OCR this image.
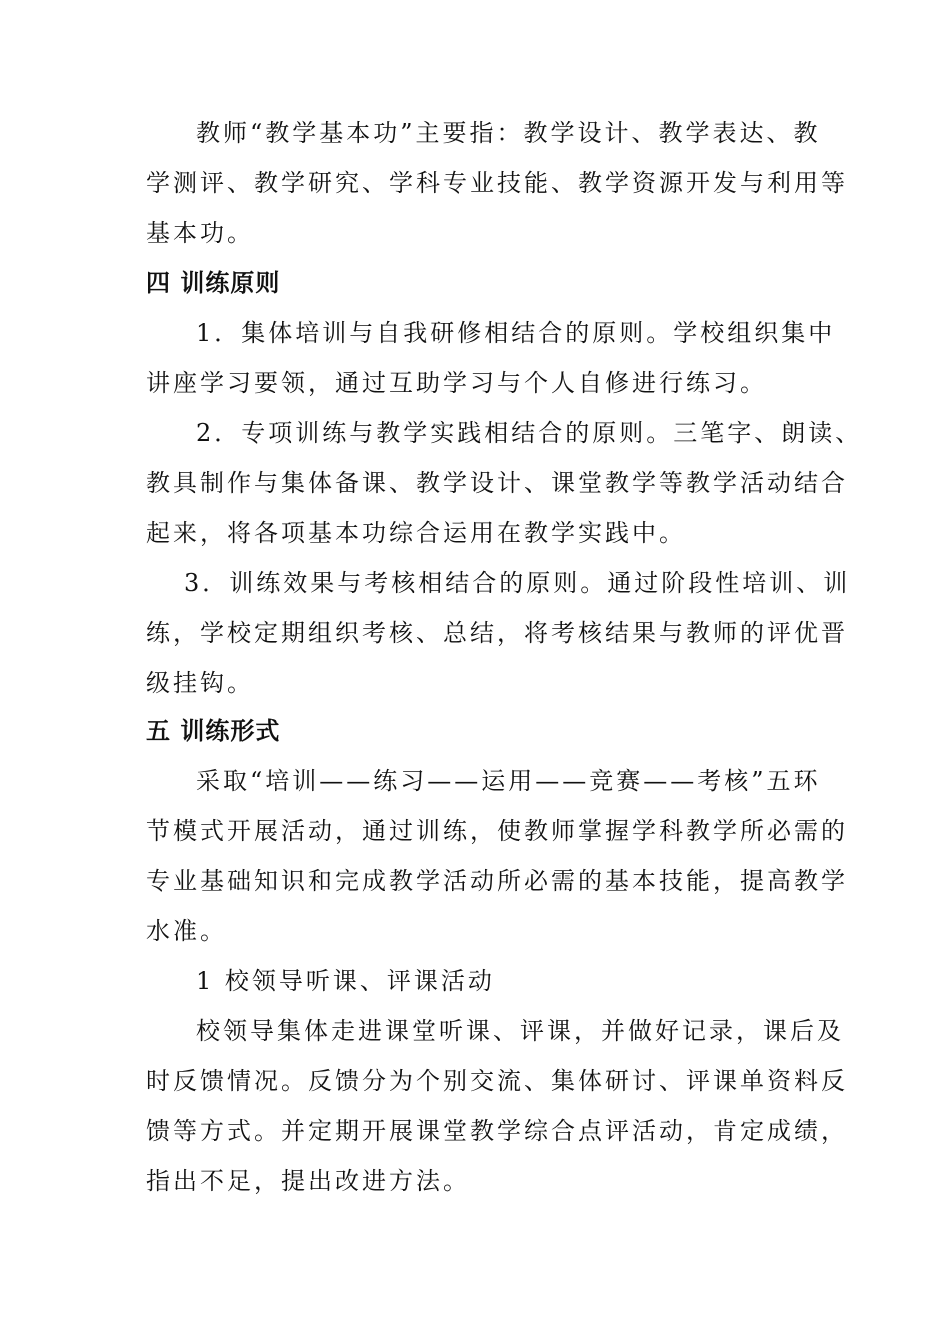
教师“教学基本功”主要指：教学设计、教学表达、教
学测评、教学研究、学科专业技能、教学资源开发与利用等
基本功。
四 训练原则
1．集体培训与自我研修相结合的原则。学校组织集中
讲座学习要领，通过互助学习与个人自修进行练习。
2．专项训练与教学实践相结合的原则。三笔字、朗读、
教具制作与集体备课、教学设计、课堂教学等教学活动结合
起来，将各项基本功综合运用在教学实践中。
3．训练效果与考核相结合的原则。通过阶段性培训、训
练，学校定期组织考核、总结，将考核结果与教师的评优晋
级挂钩。
五 训练形式
采取“培训——练习——运用——竞赛——考核”五环
节模式开展活动，通过训练，使教师掌握学科教学所必需的
专业基础知识和完成教学活动所必需的基本技能，提高教学
水准。
1 校领导听课、评课活动
校领导集体走进课堂听课、评课，并做好记录，课后及
时反馈情况。反馈分为个别交流、集体研讨、评课单资料反
馈等方式。并定期开展课堂教学综合点评活动，肯定成绩，
指出不足，提出改进方法。
